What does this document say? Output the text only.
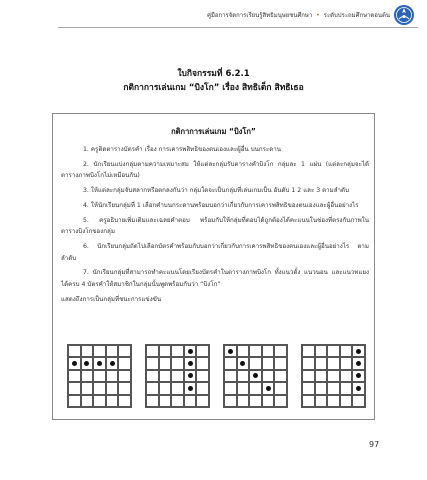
คู่มือการจัดการเรียนรู้สิทธิมนุษยชนศึกษา • ระดับประถมศึกษาตอนต้น
ใบกิจกรรมที่ 6.2.1
กติกาการเล่นเกม “บิงโก” เรื่อง สิทธิเด็ก สิทธิเธอ
กติกาการเล่นเกม “บิงโก”

1. ครูติดตารางบัตรคำ เรื่อง การเคารพสิทธิของตนเองและผู้อื่น บนกระดาน

2. นักเรียนแบ่งกลุ่มตามความเหมาะสม ให้แต่ละกลุ่มรับตารางคำบิงโก กลุ่มละ 1 แผ่น (แต่ละกลุ่มจะได้ตารางภาพบิงโกไม่เหมือนกัน)

3. ให้แต่ละกลุ่มจับสลากหรือตกลงกันว่า กลุ่มใดจะเป็นกลุ่มที่เล่นเกมเป็น อันดับ 1 2 และ 3 ตามลำดับ

4. ให้นักเรียนกลุ่มที่ 1 เลือกคำบนกระดานพร้อมบอกว่าเกี่ยวกับการเคารพสิทธิของตนเองและผู้อื่นอย่างไร

5. ครูอธิบายเพิ่มเติมและเฉลยคำตอบ พร้อมกับให้กลุ่มที่ตอบได้ถูกต้องได้คะแนนในช่องที่ตรงกับภาพในตารางบิงโกของกลุ่ม

6. นักเรียนกลุ่มถัดไปเลือกบัตรคำพร้อมกับบอกว่าเกี่ยวกับการเคารพสิทธิของตนเองและผู้อื่นอย่างไร ตามลำดับ

7. นักเรียนกลุ่มที่สามารถทำคะแนนโดยเรียงบัตรคำในตารางภาพบิงโก ทั้งแนวตั้ง แนวนอน และแนวทแยงได้ครบ 4 บัตรคำให้สมาชิกในกลุ่มนั้นพูดพร้อมกันว่า “บิงโก”

แสดงถึงการเป็นกลุ่มที่ชนะการแข่งขัน

97
